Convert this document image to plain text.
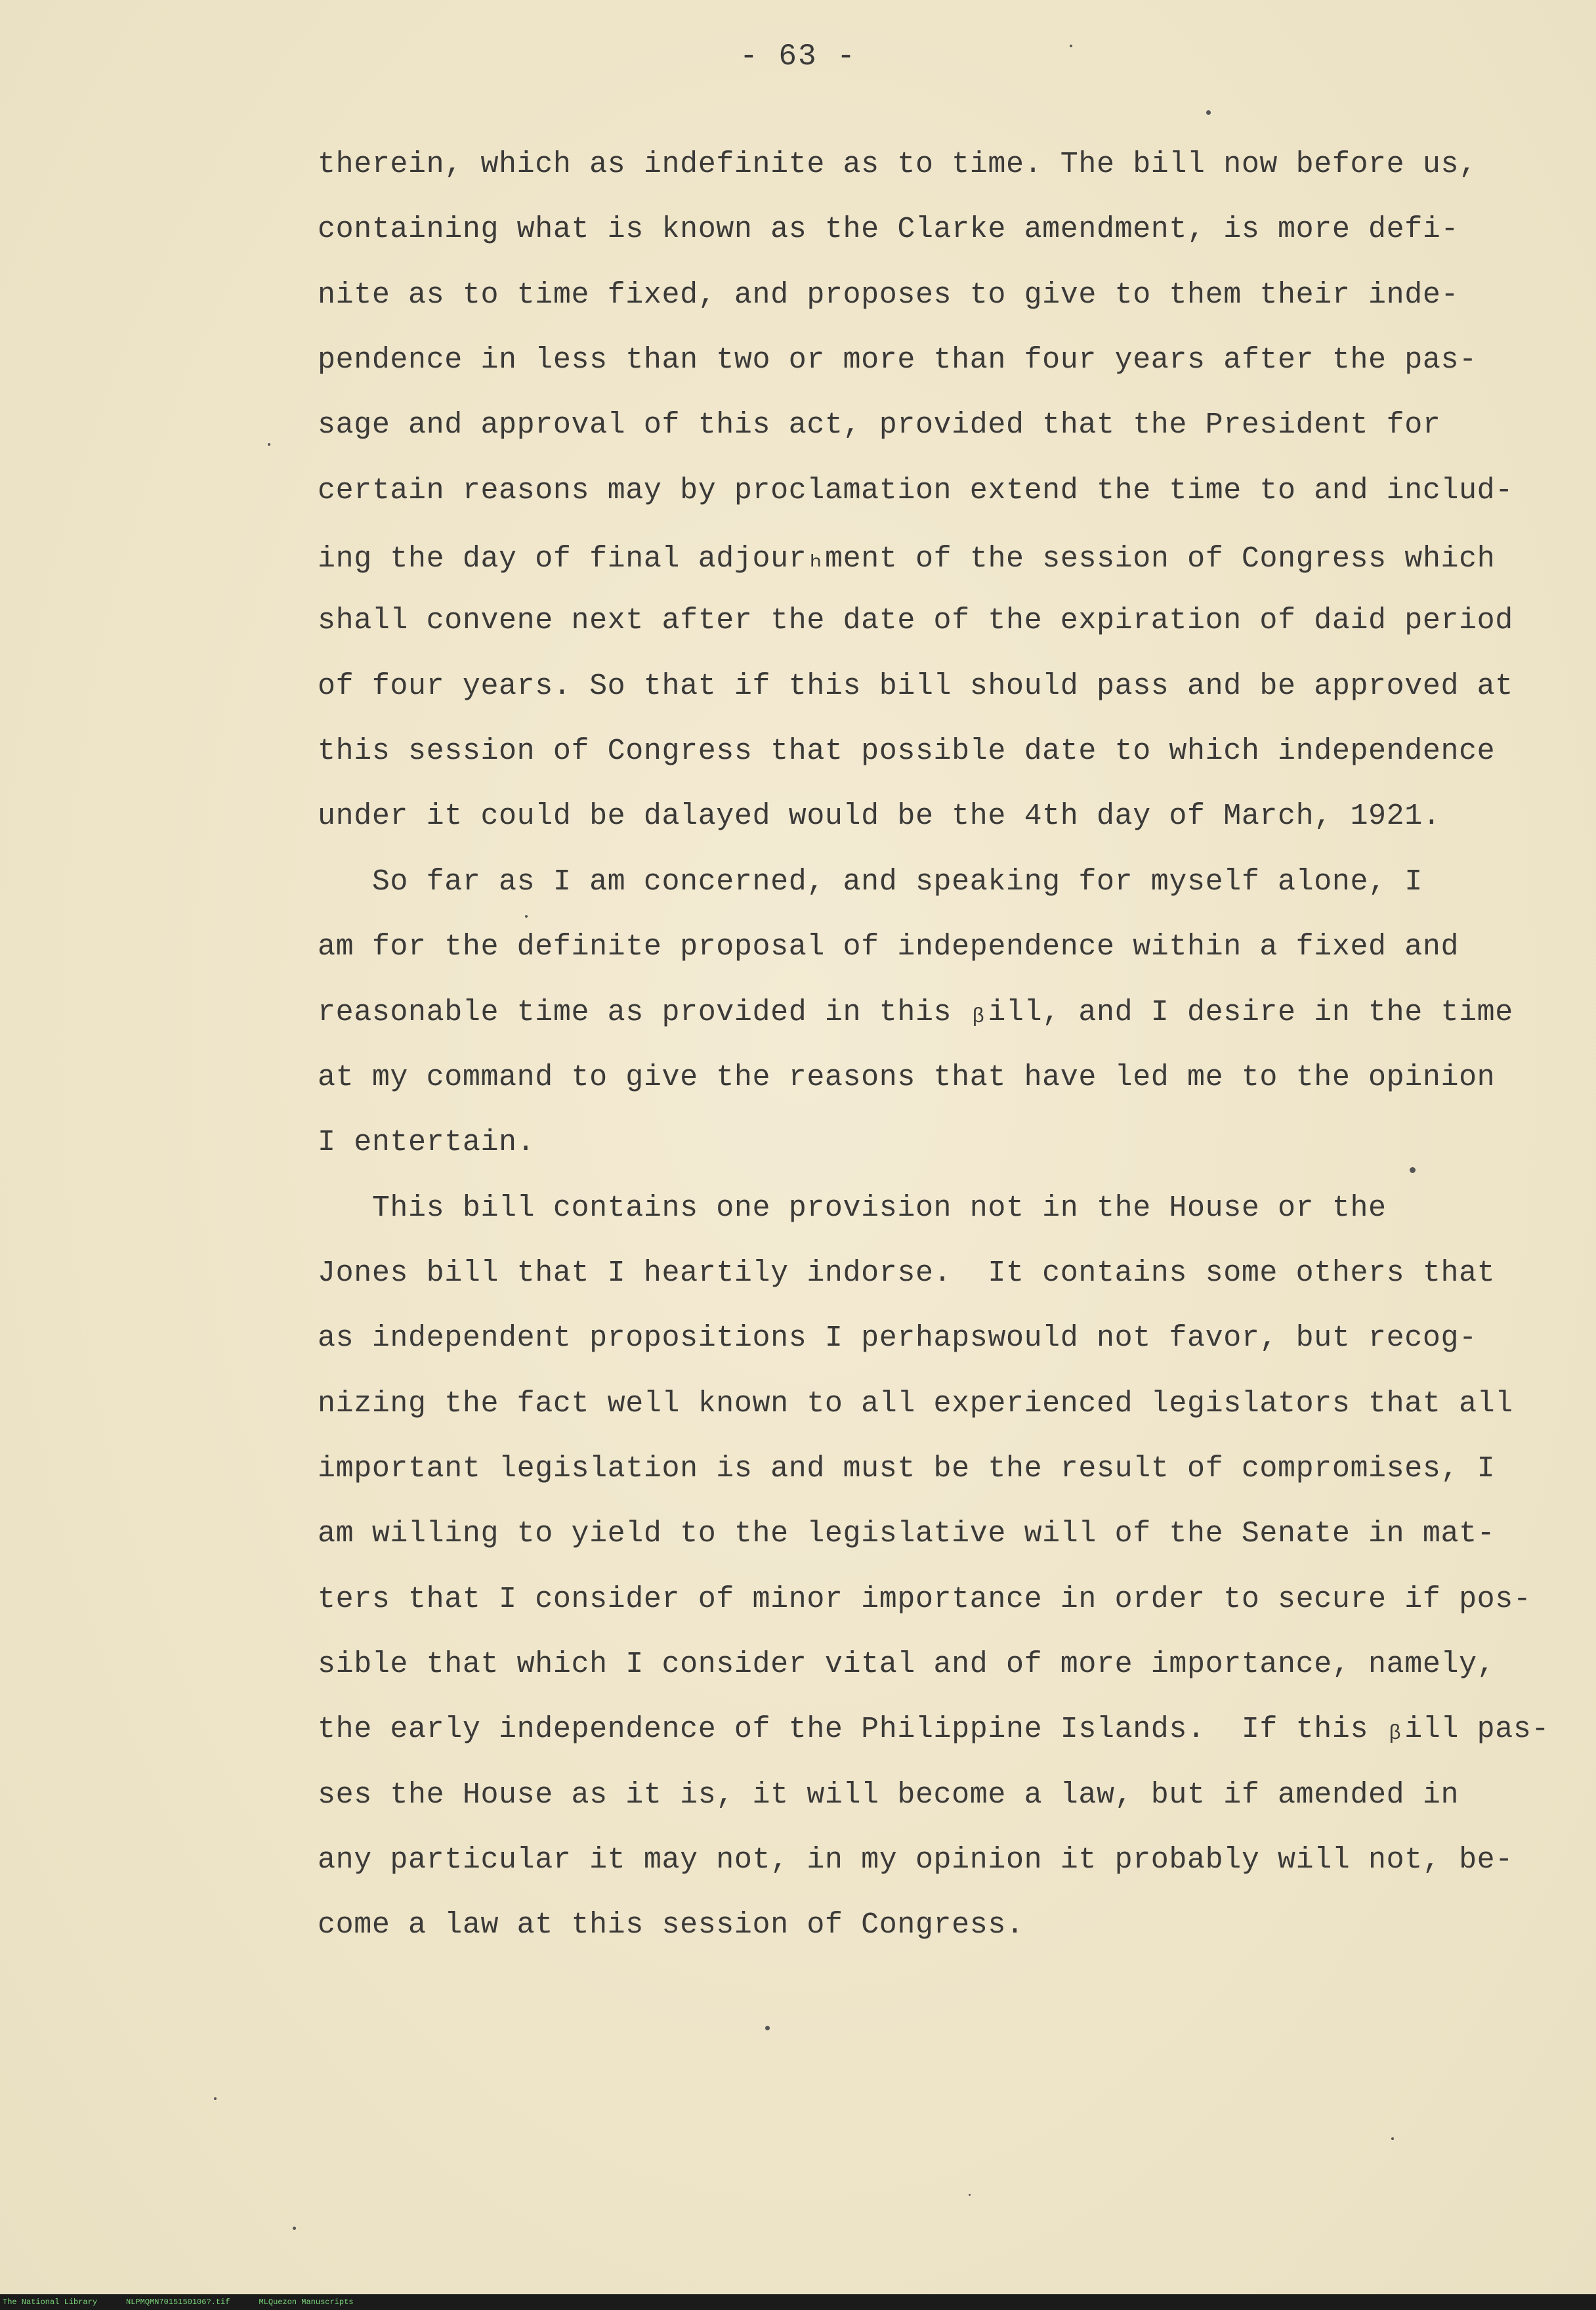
- 63 -
therein, which as indefinite as to time. The bill now before us,
containing what is known as the Clarke amendment, is more defi-
nite as to time fixed, and proposes to give to them their inde-
pendence in less than two or more than four years after the pas-
sage and approval of this act, provided that the President for
certain reasons may by proclamation extend the time to and includ-
ing the day of final adjourₕment of the session of Congress which
shall convene next after the date of the expiration of daid period
of four years. So that if this bill should pass and be approved at
this session of Congress that possible date to which independence
under it could be dalayed would be the 4th day of March, 1921.
So far as I am concerned, and speaking for myself alone, I
am for the definite proposal of independence within a fixed and
reasonable time as provided in this ᵦill, and I desire in the time
at my command to give the reasons that have led me to the opinion
I entertain.
This bill contains one provision not in the House or the
Jones bill that I heartily indorse.  It contains some others that
as independent propositions I perhapswould not favor, but recog-
nizing the fact well known to all experienced legislators that all
important legislation is and must be the result of compromises, I
am willing to yield to the legislative will of the Senate in mat-
ters that I consider of minor importance in order to secure if pos-
sible that which I consider vital and of more importance, namely,
the early independence of the Philippine Islands.  If this ᵦill pas-
ses the House as it is, it will become a law, but if amended in
any particular it may not, in my opinion it probably will not, be-
come a law at this session of Congress.
The National Library	NLPMQMN7015150106?.tif	MLQuezon Manuscripts
